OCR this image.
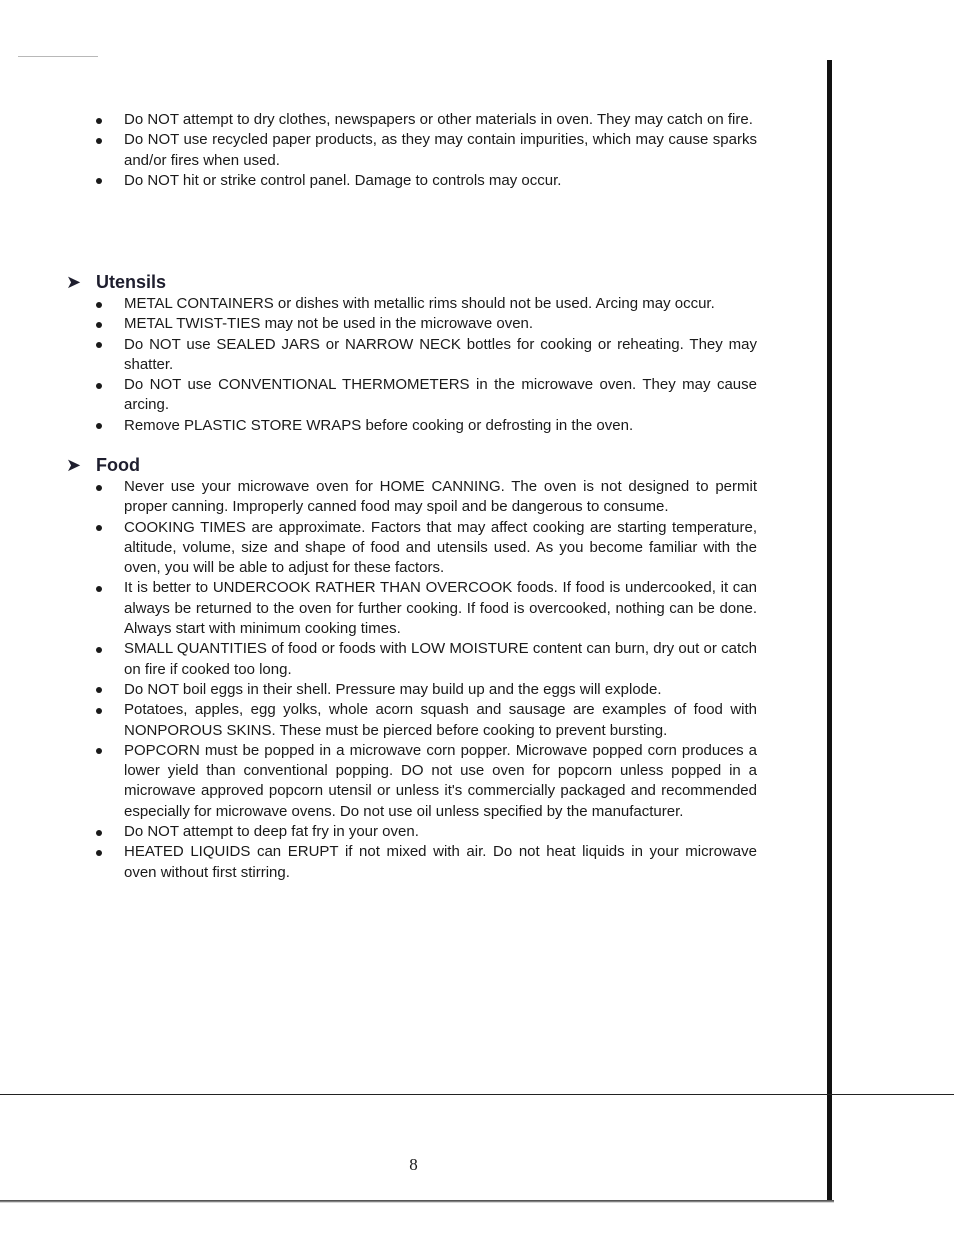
Do NOT attempt to dry clothes, newspapers or other materials in oven. They may catch on fire.
Do NOT use recycled paper products, as they may contain impurities, which may cause sparks and/or fires when used.
Do NOT hit or strike control panel. Damage to controls may occur.
➤ Utensils
METAL CONTAINERS or dishes with metallic rims should not be used. Arcing may occur.
METAL TWIST-TIES may not be used in the microwave oven.
Do NOT use SEALED JARS or NARROW NECK bottles for cooking or reheating. They may shatter.
Do NOT use CONVENTIONAL THERMOMETERS in the microwave oven. They may cause arcing.
Remove PLASTIC STORE WRAPS before cooking or defrosting in the oven.
➤ Food
Never use your microwave oven for HOME CANNING. The oven is not designed to permit proper canning. Improperly canned food may spoil and be dangerous to consume.
COOKING TIMES are approximate. Factors that may affect cooking are starting temperature, altitude, volume, size and shape of food and utensils used. As you become familiar with the oven, you will be able to adjust for these factors.
It is better to UNDERCOOK RATHER THAN OVERCOOK foods. If food is undercooked, it can always be returned to the oven for further cooking. If food is overcooked, nothing can be done. Always start with minimum cooking times.
SMALL QUANTITIES of food or foods with LOW MOISTURE content can burn, dry out or catch on fire if cooked too long.
Do NOT boil eggs in their shell. Pressure may build up and the eggs will explode.
Potatoes, apples, egg yolks, whole acorn squash and sausage are examples of food with NONPOROUS SKINS. These must be pierced before cooking to prevent bursting.
POPCORN must be popped in a microwave corn popper. Microwave popped corn produces a lower yield than conventional popping. DO not use oven for popcorn unless popped in a microwave approved popcorn utensil or unless it's commercially packaged and recommended especially for microwave ovens. Do not use oil unless specified by the manufacturer.
Do NOT attempt to deep fat fry in your oven.
HEATED LIQUIDS can ERUPT if not mixed with air. Do not heat liquids in your microwave oven without first stirring.
8
